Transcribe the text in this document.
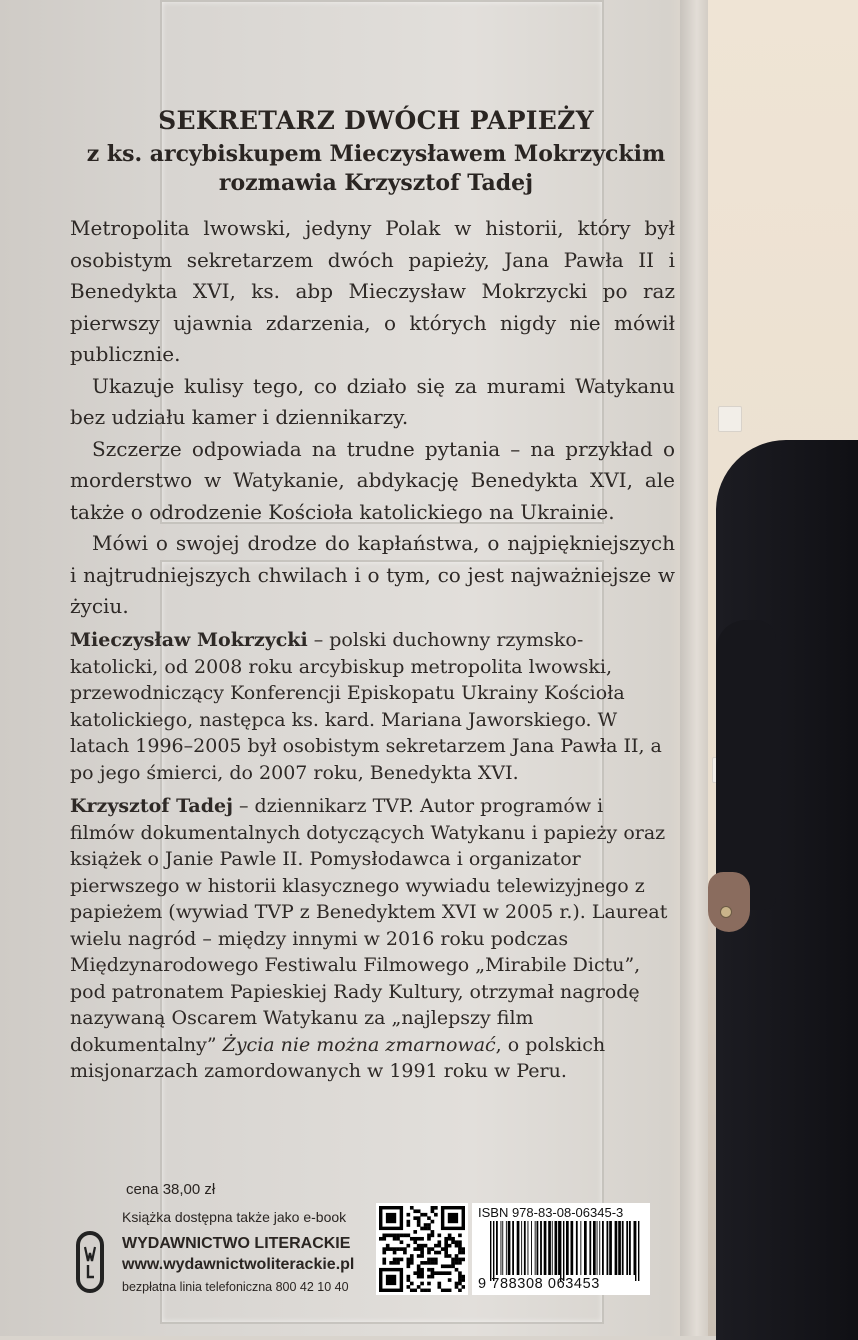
SEKRETARZ DWÓCH PAPIEŻY
z ks. arcybiskupem Mieczysławem Mokrzyckim
rozmawia Krzysztof Tadej

Metropolita lwowski, jedyny Polak w historii, który był osobistym sekretarzem dwóch papieży, Jana Pawła II i Benedykta XVI, ks. abp Mieczysław Mokrzycki po raz pierwszy ujawnia zdarzenia, o których nigdy nie mówił publicznie.

Ukazuje kulisy tego, co działo się za murami Watykanu bez udziału kamer i dziennikarzy.

Szczerze odpowiada na trudne pytania – na przykład o morderstwo w Watykanie, abdykację Benedykta XVI, ale także o odrodzenie Kościoła katolickiego na Ukrainie.

Mówi o swojej drodze do kapłaństwa, o najpiękniejszych i najtrudniejszych chwilach i o tym, co jest najważniejsze w życiu.

Mieczysław Mokrzycki – polski duchowny rzymsko-katolicki, od 2008 roku arcybiskup metropolita lwowski, przewodniczący Konferencji Episkopatu Ukrainy Kościoła katolickiego, następca ks. kard. Mariana Jaworskiego. W latach 1996–2005 był osobistym sekretarzem Jana Pawła II, a po jego śmierci, do 2007 roku, Benedykta XVI.
Krzysztof Tadej – dziennikarz TVP. Autor programów i filmów dokumentalnych dotyczących Watykanu i papieży oraz książek o Janie Pawle II. Pomysłodawca i organizator pierwszego w historii klasycznego wywiadu telewizyjnego z papieżem (wywiad TVP z Benedyktem XVI w 2005 r.). Laureat wielu nagród – między innymi w 2016 roku podczas Międzynarodowego Festiwalu Filmowego „Mirabile Dictu”, pod patronatem Papieskiej Rady Kultury, otrzymał nagrodę nazywaną Oscarem Watykanu za „najlepszy film dokumentalny” Życia nie można zmarnować, o polskich misjonarzach zamordowanych w 1991 roku w Peru.
cena 38,00 zł
Książka dostępna także jako e-book
WYDAWNICTWO LITERACKIE
www.wydawnictwoliterackie.pl
bezpłatna linia telefoniczna 800 42 10 40
ISBN 978-83-08-06345-3
9 788308 063453
